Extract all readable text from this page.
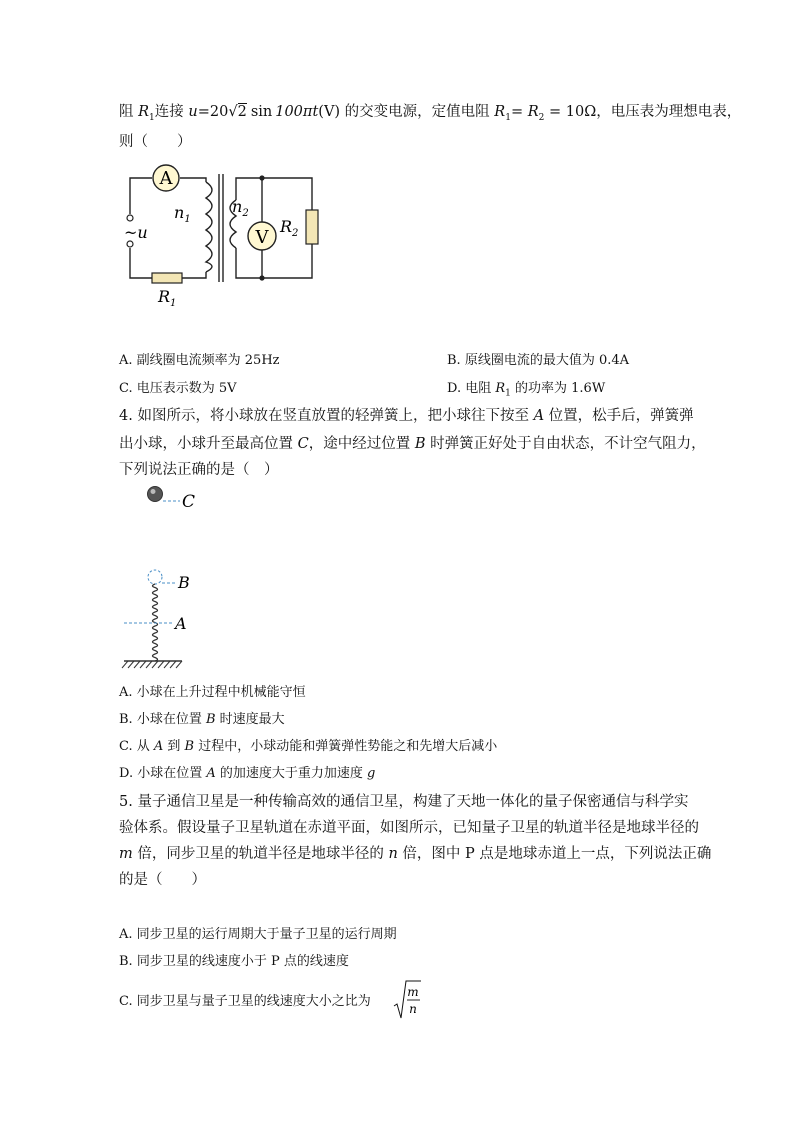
阻 $R_1$连接 u=20√2 sin 100πt(V) 的交变电源，定值电阻 $R_1= R_2 = 10\Omega$，电压表为理想电表，
则（　　）
A
V
$n_1$
$n_2$
~u
$R_1$
$R_2$
A. 副线圈电流频率为 25Hz	B. 原线圈电流的最大值为 0.4A
C. 电压表示数为 5V	D. 电阻 $R_1$ 的功率为 1.6W
4. 如图所示，将小球放在竖直放置的轻弹簧上，把小球往下按至 A 位置，松手后，弹簧弹
出小球，小球升至最高位置 C，途中经过位置 B 时弹簧正好处于自由状态，不计空气阻力，
下列说法正确的是（　）
C
B
A
A. 小球在上升过程中机械能守恒
B. 小球在位置 B 时速度最大
C. 从 A 到 B 过程中，小球动能和弹簧弹性势能之和先增大后减小
D. 小球在位置 A 的加速度大于重力加速度 g
5. 量子通信卫星是一种传输高效的通信卫星，构建了天地一体化的量子保密通信与科学实
验体系。假设量子卫星轨道在赤道平面，如图所示，已知量子卫星的轨道半径是地球半径的
m 倍，同步卫星的轨道半径是地球半径的 n 倍，图中 P 点是地球赤道上一点，下列说法正确
的是（　　）
A. 同步卫星的运行周期大于量子卫星的运行周期
B. 同步卫星的线速度小于 P 点的线速度
C. 同步卫星与量子卫星的线速度大小之比为
m
n
